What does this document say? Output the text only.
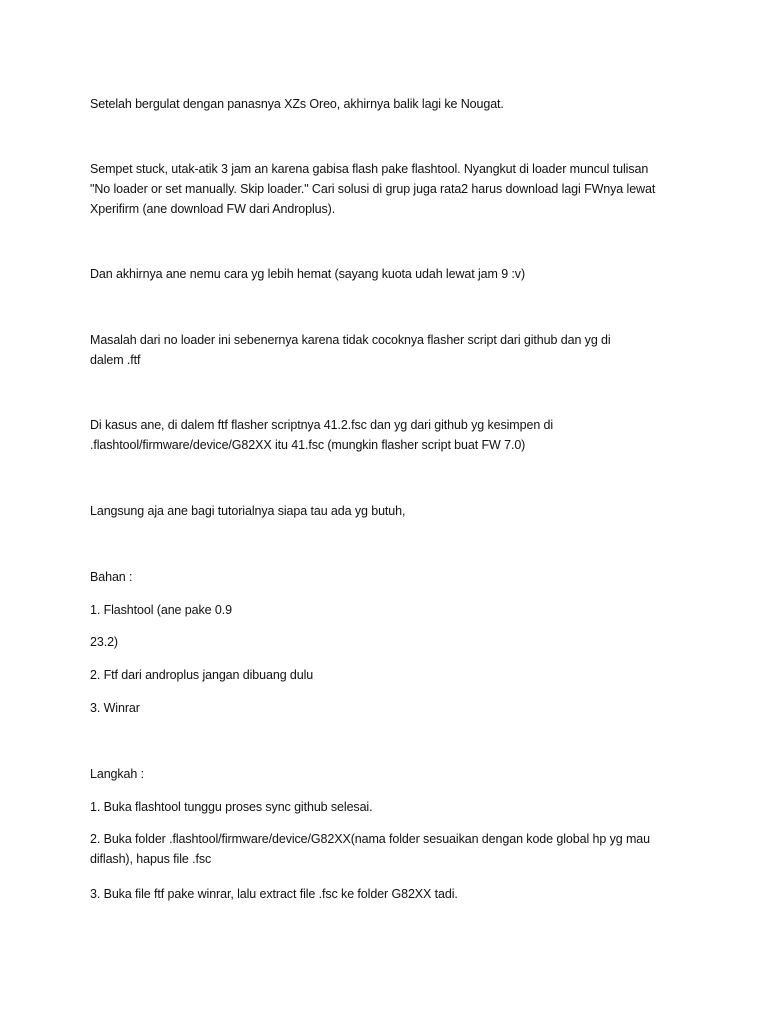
Setelah bergulat dengan panasnya XZs Oreo, akhirnya balik lagi ke Nougat.
Sempet stuck, utak-atik 3 jam an karena gabisa flash pake flashtool. Nyangkut di loader muncul tulisan
"No loader or set manually. Skip loader." Cari solusi di grup juga rata2 harus download lagi FWnya lewat
Xperifirm (ane download FW dari Androplus).
Dan akhirnya ane nemu cara yg lebih hemat (sayang kuota udah lewat jam 9 :v)
Masalah dari no loader ini sebenernya karena tidak cocoknya flasher script dari github dan yg di
dalem .ftf
Di kasus ane, di dalem ftf flasher scriptnya 41.2.fsc dan yg dari github yg kesimpen di
.flashtool/firmware/device/G82XX itu 41.fsc (mungkin flasher script buat FW 7.0)
Langsung aja ane bagi tutorialnya siapa tau ada yg butuh,
Bahan :
1. Flashtool (ane pake 0.9
23.2)
2. Ftf dari androplus jangan dibuang dulu
3. Winrar
Langkah :
1. Buka flashtool tunggu proses sync github selesai.
2. Buka folder .flashtool/firmware/device/G82XX(nama folder sesuaikan dengan kode global hp yg mau
diflash), hapus file .fsc
3. Buka file ftf pake winrar, lalu extract file .fsc ke folder G82XX tadi.
